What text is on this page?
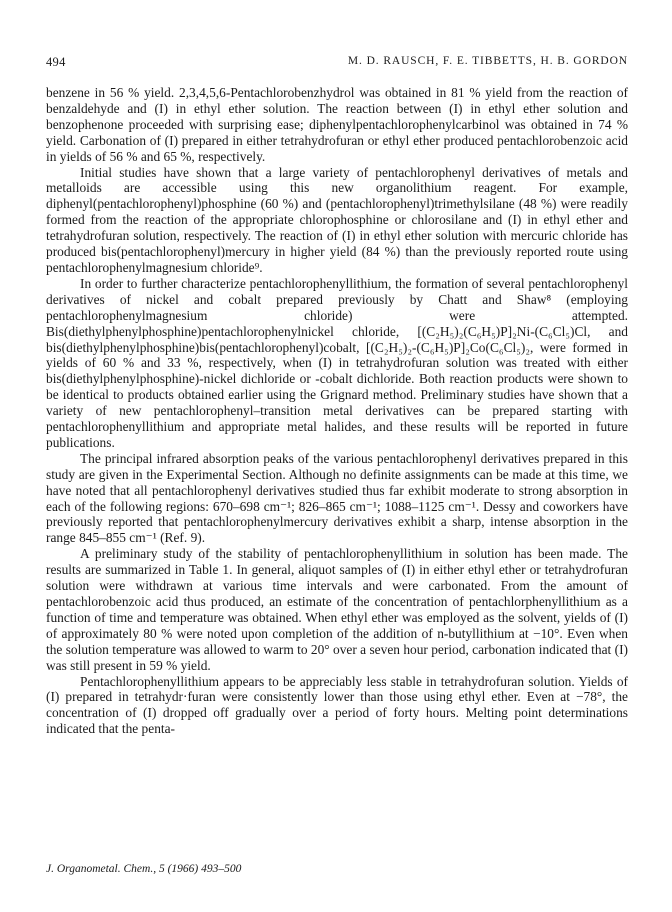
494	M. D. RAUSCH, F. E. TIBBETTS, H. B. GORDON

benzene in 56 % yield. 2,3,4,5,6-Pentachlorobenzhydrol was obtained in 81 % yield from the reaction of benzaldehyde and (I) in ethyl ether solution. The reaction between (I) in ethyl ether solution and benzophenone proceeded with surprising ease; diphenylpentachlorophenylcarbinol was obtained in 74 % yield. Carbonation of (I) prepared in either tetrahydrofuran or ethyl ether produced pentachlorobenzoic acid in yields of 56 % and 65 %, respectively.

Initial studies have shown that a large variety of pentachlorophenyl derivatives of metals and metalloids are accessible using this new organolithium reagent. For example, diphenyl(pentachlorophenyl)phosphine (60 %) and (pentachlorophenyl)trimethylsilane (48 %) were readily formed from the reaction of the appropriate chlorophosphine or chlorosilane and (I) in ethyl ether and tetrahydrofuran solution, respectively. The reaction of (I) in ethyl ether solution with mercuric chloride has produced bis(pentachlorophenyl)mercury in higher yield (84 %) than the previously reported route using pentachlorophenylmagnesium chloride⁹.

In order to further characterize pentachlorophenyllithium, the formation of several pentachlorophenyl derivatives of nickel and cobalt prepared previously by Chatt and Shaw⁸ (employing pentachlorophenylmagnesium chloride) were attempted. Bis(diethylphenylphosphine)pentachlorophenylnickel chloride, [(C₂H₅)₂(C₆H₅)P]₂Ni-(C₆Cl₅)Cl, and bis(diethylphenylphosphine)bis(pentachlorophenyl)cobalt, [(C₂H₅)₂-(C₆H₅)P]₂Co(C₆Cl₅)₂, were formed in yields of 60 % and 33 %, respectively, when (I) in tetrahydrofuran solution was treated with either bis(diethylphenylphosphine)-nickel dichloride or -cobalt dichloride. Both reaction products were shown to be identical to products obtained earlier using the Grignard method. Preliminary studies have shown that a variety of new pentachlorophenyl–transition metal derivatives can be prepared starting with pentachlorophenyllithium and appropriate metal halides, and these results will be reported in future publications.

The principal infrared absorption peaks of the various pentachlorophenyl derivatives prepared in this study are given in the Experimental Section. Although no definite assignments can be made at this time, we have noted that all pentachlorophenyl derivatives studied thus far exhibit moderate to strong absorption in each of the following regions: 670–698 cm⁻¹; 826–865 cm⁻¹; 1088–1125 cm⁻¹. Dessy and coworkers have previously reported that pentachlorophenylmercury derivatives exhibit a sharp, intense absorption in the range 845–855 cm⁻¹ (Ref. 9).

A preliminary study of the stability of pentachlorophenyllithium in solution has been made. The results are summarized in Table 1. In general, aliquot samples of (I) in either ethyl ether or tetrahydrofuran solution were withdrawn at various time intervals and were carbonated. From the amount of pentachlorobenzoic acid thus produced, an estimate of the concentration of pentachlorphenyllithium as a function of time and temperature was obtained. When ethyl ether was employed as the solvent, yields of (I) of approximately 80 % were noted upon completion of the addition of n-butyllithium at −10°. Even when the solution temperature was allowed to warm to 20° over a seven hour period, carbonation indicated that (I) was still present in 59 % yield.

Pentachlorophenyllithium appears to be appreciably less stable in tetrahydrofuran solution. Yields of (I) prepared in tetrahydr·furan were consistently lower than those using ethyl ether. Even at −78°, the concentration of (I) dropped off gradually over a period of forty hours. Melting point determinations indicated that the penta-

J. Organometal. Chem., 5 (1966) 493–500
